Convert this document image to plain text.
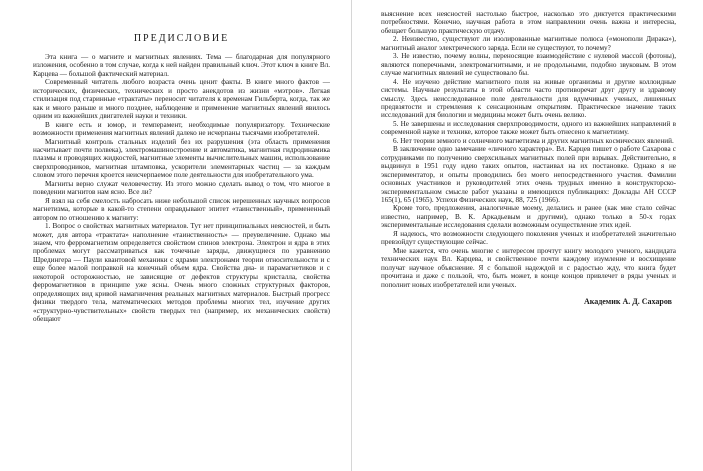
ПРЕДИСЛОВИЕ

Эта книга — о магните и магнитных явлениях. Тема — благодарная для популярного изложения, особенно в том случае, когда к ней найден правильный ключ. Этот ключ в книге Вл. Карцева — большой фактический материал.

Современный читатель любого возраста очень ценит факты. В книге много фактов — исторических, физических, технических и просто анекдотов из жизни «мэтров». Легкая стилизация под старинные «трактаты» переносит читателя к временам Гильберта, когда, так же как и много раньше и много позднее, наблюдение и применение магнитных явлений явилось одним из важнейших двигателей науки и техники.

В книге есть и юмор, и темперамент, необходимые популяризатору. Технические возможности применения магнитных явлений далеко не исчерпаны тысячами изобретателей.

Магнитный контроль стальных изделий без их разрушения (эта область применения насчитывает почти полвека), электромашиностроение и автоматика, магнитная гидродинамика плазмы и проводящих жидкостей, магнитные элементы вычислительных машин, использование сверхпроводников, магнитная штамповка, ускорители элементарных частиц — за каждым словом этого перечня кроется неисчерпаемое поле деятельности для изобретательного ума.

Магниты верно служат человечеству. Из этого можно сделать вывод о том, что многое в поведении магнитов нам ясно. Все ли?

Я взял на себя смелость набросать ниже небольшой список нерешенных научных вопросов магнетизма, которые в какой-то степени оправдывают эпитет «таинственный», примененный автором по отношению к магниту:

1. Вопрос о свойствах магнитных материалов. Тут нет принципиальных неясностей, и быть может, для автора «трактата» наполнение «таинственность» — преувеличение. Однако мы знаем, что ферромагнетизм определяется свойством спинов электрона. Электрон и ядра в этих проблемах могут рассматриваться как точечные заряды, движущиеся по уравнению Шредингера — Паули квантовой механики с ядрами электронами теории относительности и с еще более малой поправкой на конечный объем ядра. Свойства диа- и парамагнетиков и с некоторой осторожностью, не зависящие от дефектов структуры кристалла, свойства ферромагнетиков в принципе уже ясны. Очень много сложных структурных факторов, определяющих вид кривой намагничения реальных магнитных материалов. Быстрый прогресс физики твердого тела, математических методов проблемы многих тел, изучение других «структурно-чувствительных» свойств твердых тел (например, их механических свойств) обещают

выяснение всех неясностей настолько быстрое, насколько это диктуется практическими потребностями. Конечно, научная работа в этом направлении очень важна и интересна, обещает большую практическую отдачу.

2. Неизвестно, существуют ли изолированные магнитные полюса («монополи Дирака»), магнитный аналог электрического заряда. Если не существуют, то почему?

3. Не известно, почему волны, переносящие взаимодействие с нулевой массой (фотоны), являются поперечными, электромагнитными, и не продольными, подобно звуковым. В этом случае магнитных явлений не существовало бы.

4. Не изучено действие магнитного поля на живые организмы и другие коллоидные системы. Научные результаты в этой области часто противоречат друг другу и здравому смыслу. Здесь неисследованное поле деятельности для вдумчивых ученых, лишенных предвзятости и стремления к сенсационным открытиям. Практическое значение таких исследований для биологии и медицины может быть очень велико.

5. Не завершены и исследования сверхпроводимости, одного из важнейших направлений в современной науке и технике, которое также может быть отнесено к магнетизму.

6. Нет теории земного и солнечного магнетизма и других магнитных космических явлений.

В заключение одно замечание «личного характера». Вл. Карцев пишет о работе Сахарова с сотрудниками по получению сверхсильных магнитных полей при взрывах. Действительно, я выдвинул в 1951 году идею таких опытов, настаивал на их постановке. Однако я не экспериментатор, и опыты проводились без моего непосредственного участия. Фамилии основных участников и руководителей этих очень трудных именно в конструкторско-экспериментальном смысле работ указаны в имеющихся публикациях: Доклады АН СССР 165(1), 65 (1965). Успехи Физических наук, 88, 725 (1966).

Кроме того, предложения, аналогичные моему, делались и ранее (как мне стало сейчас известно, например, В. К. Аркадьевым и другими), однако только в 50-х годах экспериментальные исследования сделали возможным осуществление этих идей.

Я надеюсь, что возможности следующего поколения ученых и изобретателей значительно превзойдут существующие сейчас.

Мне кажется, что очень многие с интересом прочтут книгу молодого ученого, кандидата технических наук Вл. Карцева, и свойственное почти каждому изумление и восхищение получат научное объяснение. Я с большой надеждой и с радостью жду, что книга будет прочитана и даже с пользой, что, быть может, в конце концов привлечет в ряды ученых и пополнит новых изобретателей или ученых.

Академик А. Д. Сахаров
